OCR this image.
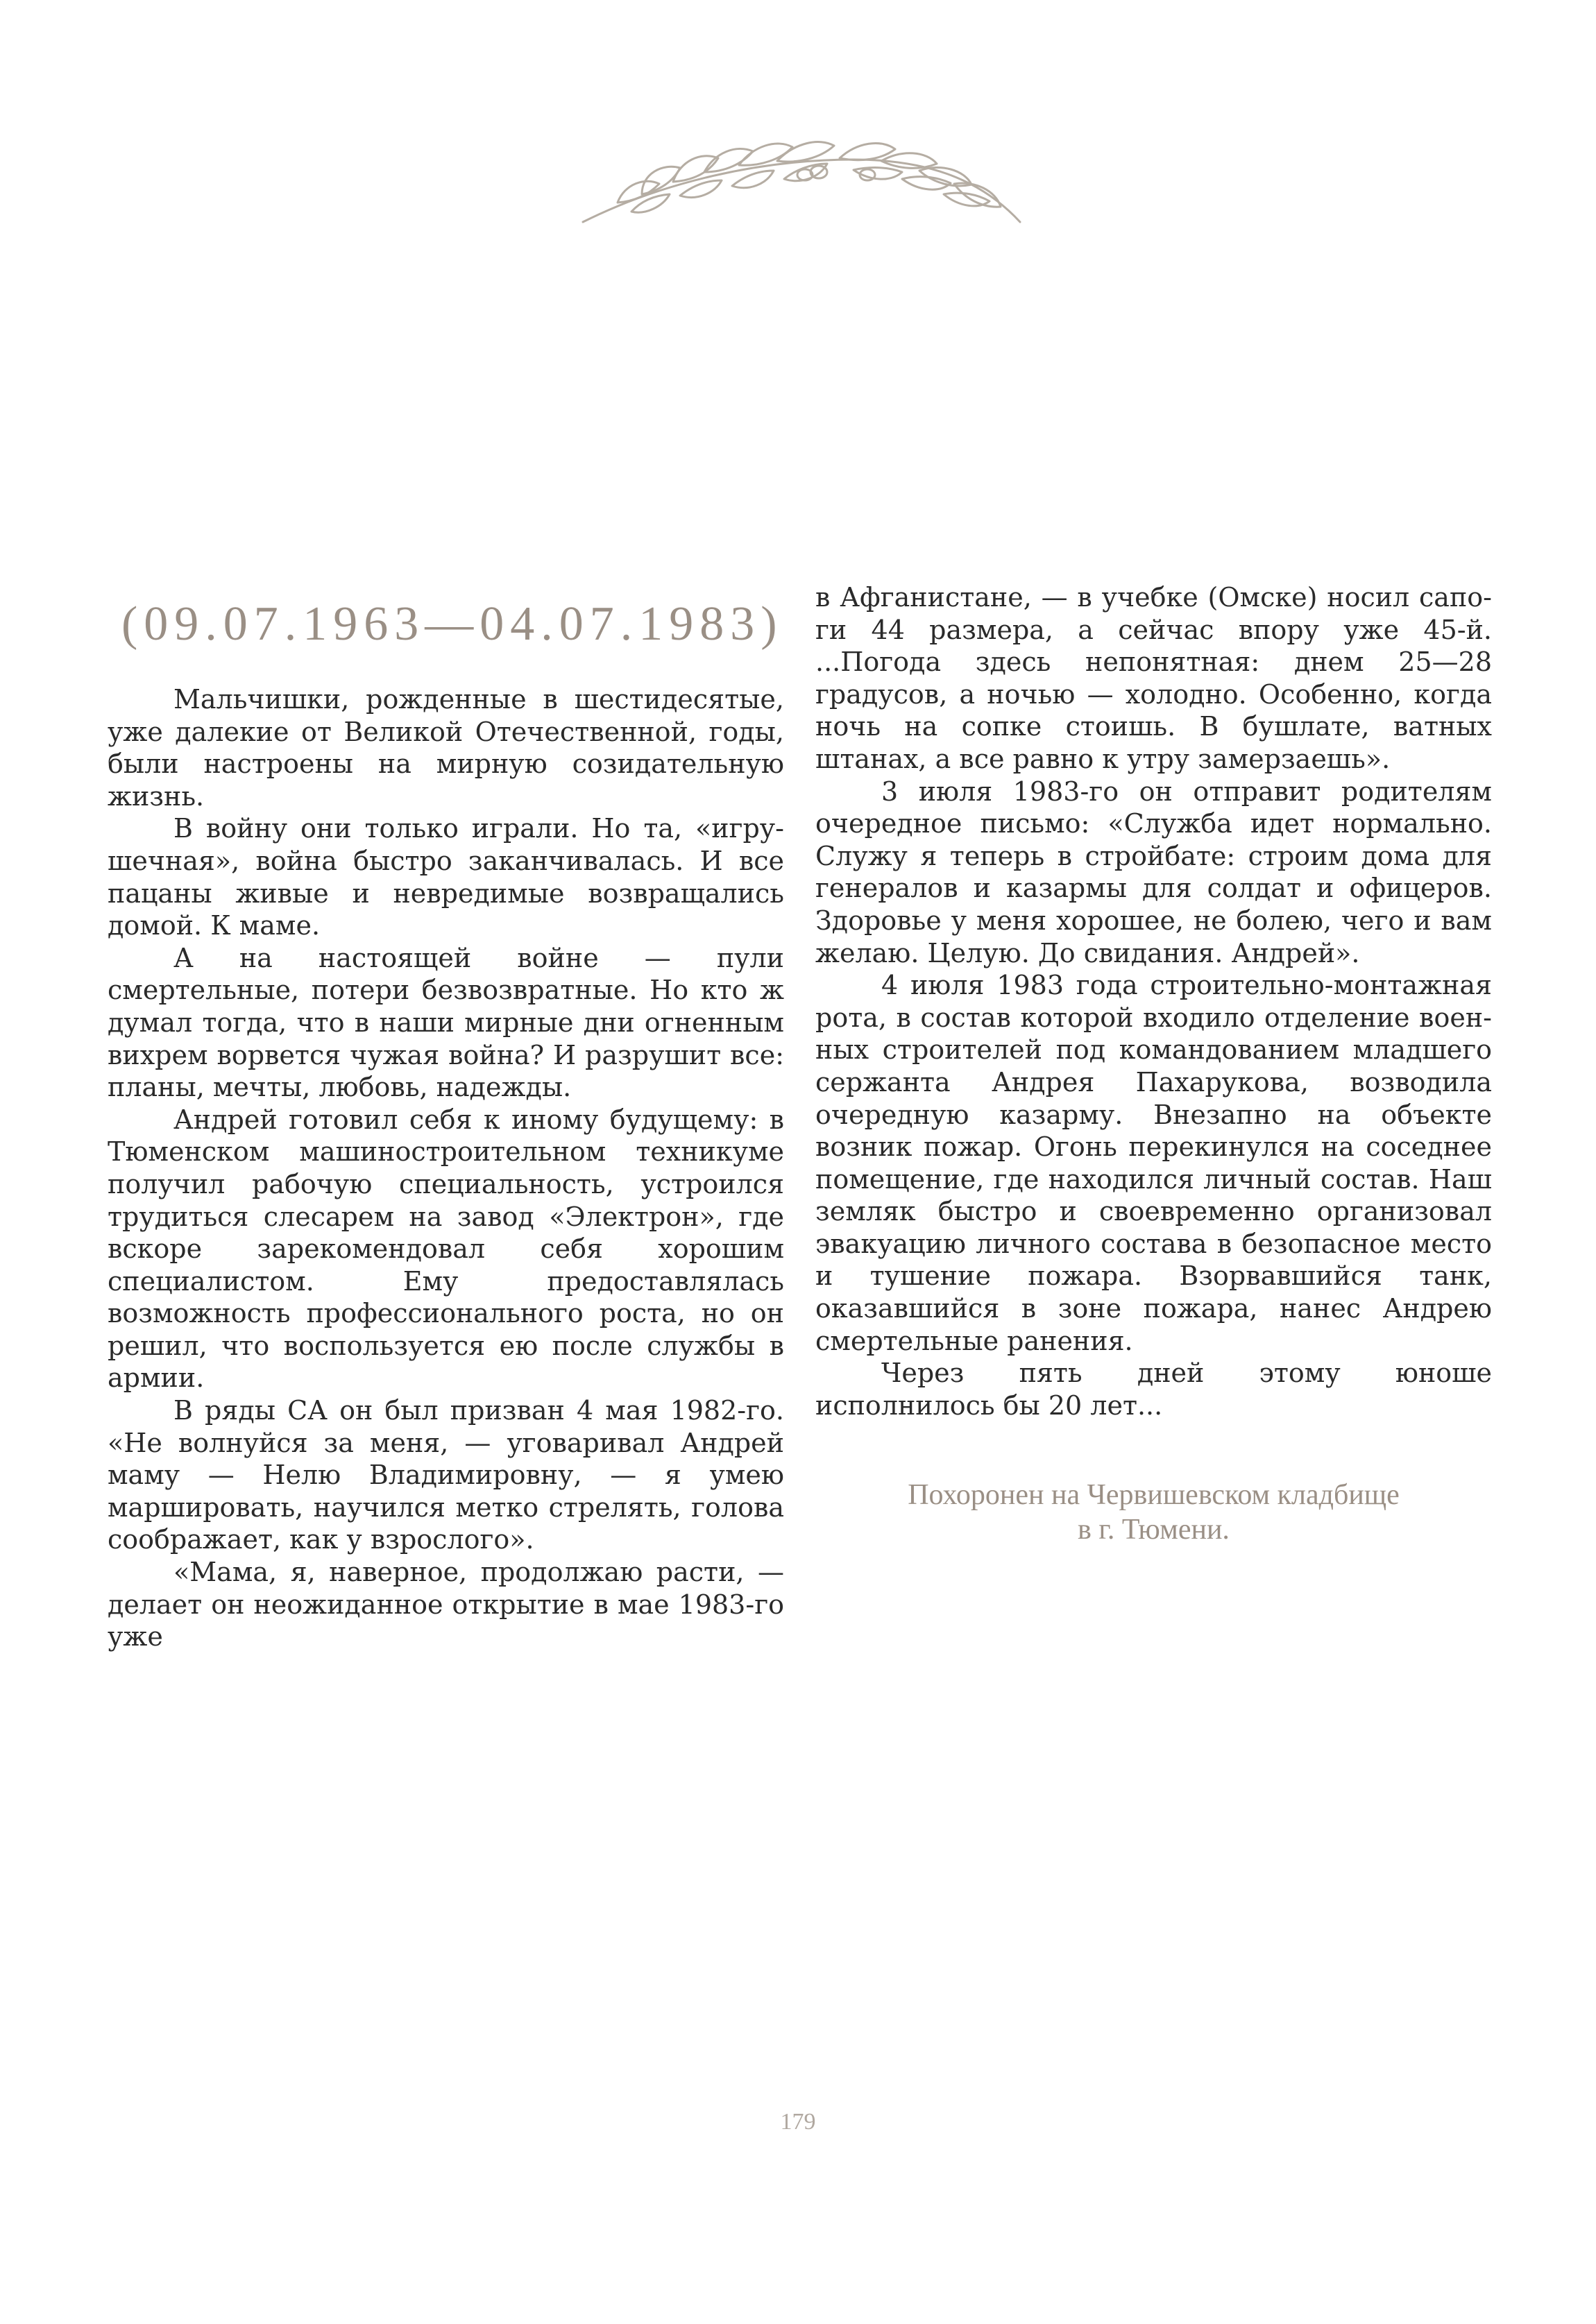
(09.07.1963—04.07.1983)

Мальчишки, рожденные в шестидесятые, уже далекие от Великой Отечественной, годы, были настроены на мирную созидательную жизнь.

В войну они только играли. Но та, «игрушечная», война быстро заканчивалась. И все пацаны живые и невредимые возвращались домой. К маме.

А на настоящей войне — пули смертельные, потери безвозвратные. Но кто ж думал тогда, что в наши мирные дни огненным вихрем ворвется чужая война? И разрушит все: планы, мечты, любовь, надежды.

Андрей готовил себя к иному будущему: в Тюменском машиностроительном техникуме получил рабочую специальность, устроился трудиться слесарем на завод «Электрон», где вскоре зарекомендовал себя хорошим специалистом. Ему предоставлялась возможность профессионального роста, но он решил, что воспользуется ею после службы в армии.

В ряды СА он был призван 4 мая 1982-го. «Не волнуйся за меня, — уговаривал Андрей маму — Нелю Владимировну, — я умею маршировать, научился метко стрелять, голова соображает, как у взрослого».

«Мама, я, наверное, продолжаю расти, — делает он неожиданное открытие в мае 1983-го уже

в Афганистане, — в учебке (Омске) носил сапоги 44 размера, а сейчас впору уже 45-й. ...Погода здесь непонятная: днем 25—28 градусов, а ночью — холодно. Особенно, когда ночь на сопке стоишь. В бушлате, ватных штанах, а все равно к утру замерзаешь».

3 июля 1983-го он отправит родителям очередное письмо: «Служба идет нормально. Служу я теперь в стройбате: строим дома для генералов и казармы для солдат и офицеров. Здоровье у меня хорошее, не болею, чего и вам желаю. Целую. До свидания. Андрей».

4 июля 1983 года строительно-монтажная рота, в состав которой входило отделение военных строителей под командованием младшего сержанта Андрея Пахарукова, возводила очередную казарму. Внезапно на объекте возник пожар. Огонь перекинулся на соседнее помещение, где находился личный состав. Наш земляк быстро и своевременно организовал эвакуацию личного состава в безопасное место и тушение пожара. Взорвавшийся танк, оказавшийся в зоне пожара, нанес Андрею смертельные ранения.

Через пять дней этому юноше исполнилось бы 20 лет...

Похоронен на Червишевском кладбище
в г. Тюмени.
179
